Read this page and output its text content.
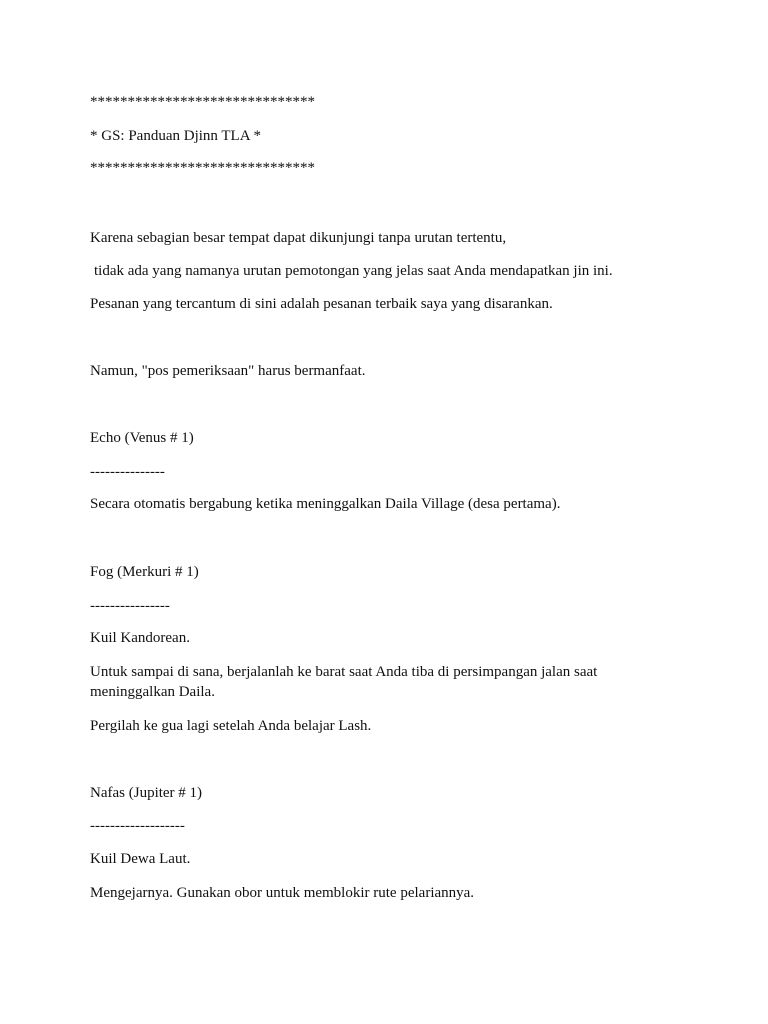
******************************
* GS: Panduan Djinn TLA *
******************************
Karena sebagian besar tempat dapat dikunjungi tanpa urutan tertentu,
tidak ada yang namanya urutan pemotongan yang jelas saat Anda mendapatkan jin ini.
Pesanan yang tercantum di sini adalah pesanan terbaik saya yang disarankan.
Namun, "pos pemeriksaan" harus bermanfaat.
Echo (Venus # 1)
---------------
Secara otomatis bergabung ketika meninggalkan Daila Village (desa pertama).
Fog (Merkuri # 1)
----------------
Kuil Kandorean.
Untuk sampai di sana, berjalanlah ke barat saat Anda tiba di persimpangan jalan saat meninggalkan Daila.
Pergilah ke gua lagi setelah Anda belajar Lash.
Nafas (Jupiter # 1)
-------------------
Kuil Dewa Laut.
Mengejarnya. Gunakan obor untuk memblokir rute pelariannya.
